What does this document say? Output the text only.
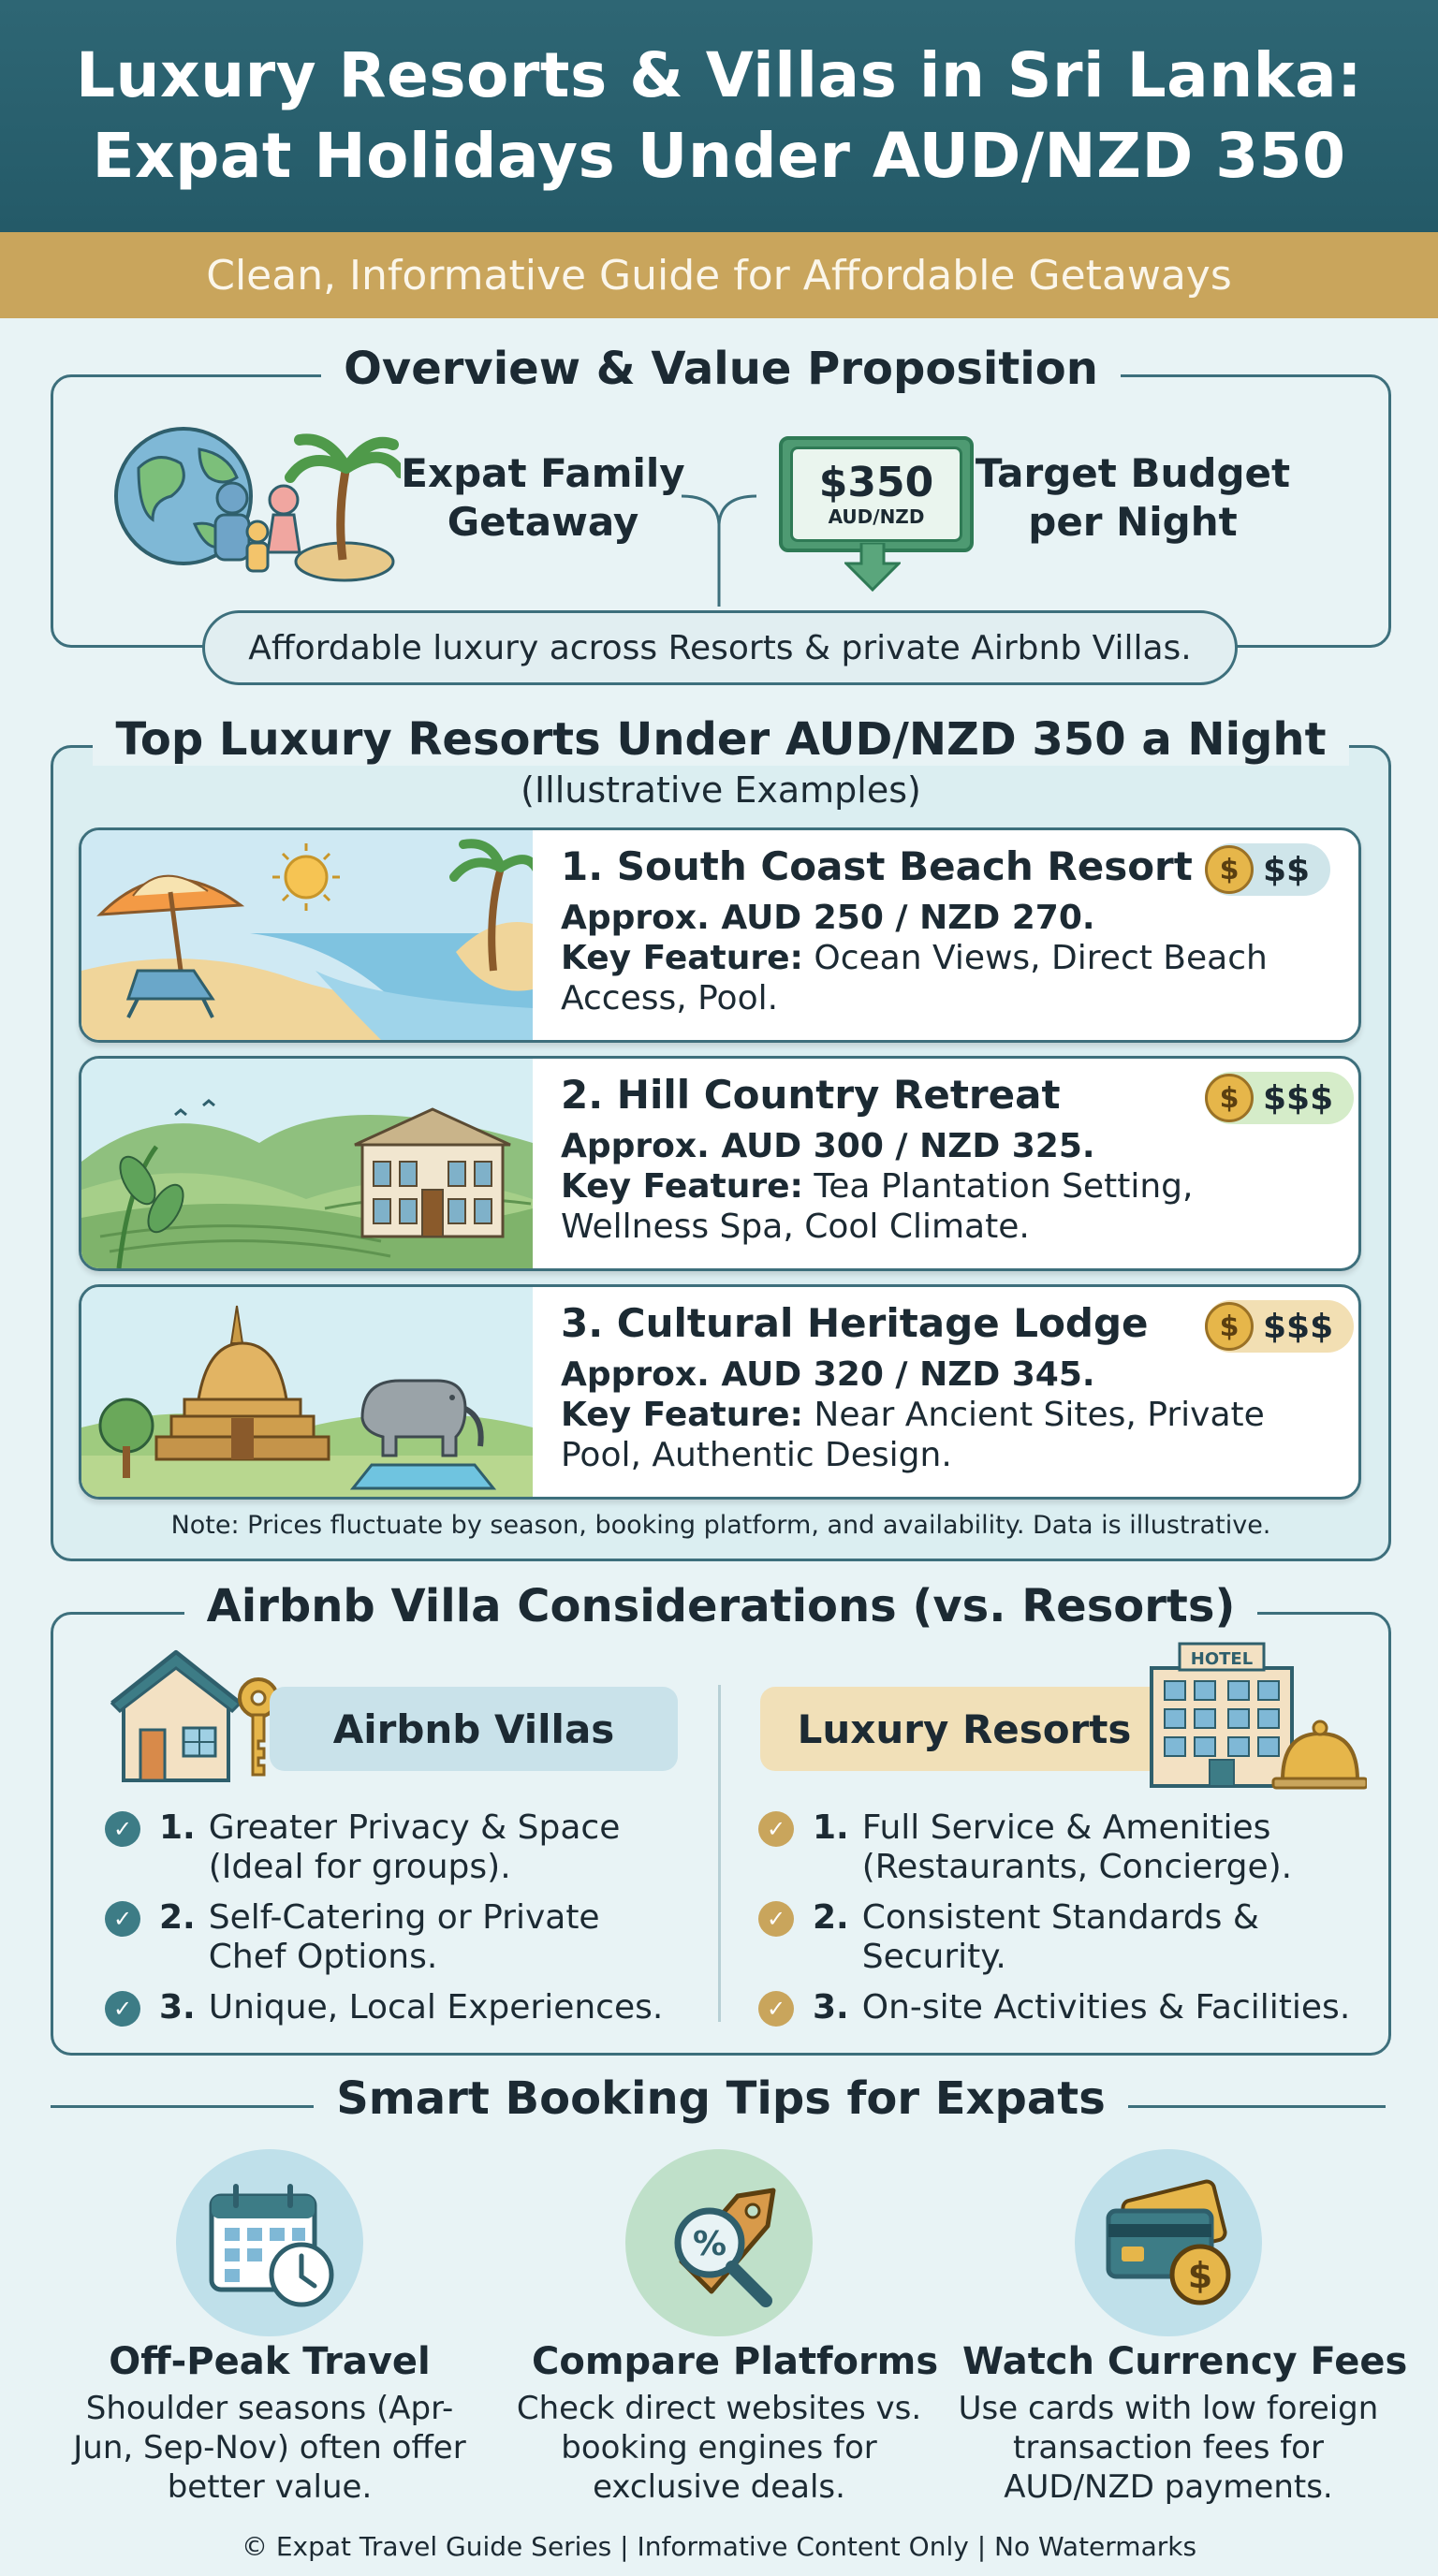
Luxury Resorts & Villas in Sri Lanka:
Expat Holidays Under AUD/NZD 350
Clean, Informative Guide for Affordable Getaways
Overview & Value Proposition
Expat Family
Getaway
$350
AUD/NZD
Target Budget
per Night
Affordable luxury across Resorts & private Airbnb Villas.
Top Luxury Resorts Under AUD/NZD 350 a Night
(Illustrative Examples)
1. South Coast Beach Resort $ $$
Approx. AUD 250 / NZD 270.
Key Feature: Ocean Views, Direct Beach
Access, Pool.
2. Hill Country Retreat	$ $$$
Approx. AUD 300 / NZD 325.
Key Feature: Tea Plantation Setting,
Wellness Spa, Cool Climate.
3. Cultural Heritage Lodge	$ $$$
Approx. AUD 320 / NZD 345.
Key Feature: Near Ancient Sites, Private
Pool, Authentic Design.
Note: Prices fluctuate by season, booking platform, and availability. Data is illustrative.
Airbnb Villa Considerations (vs. Resorts)
Airbnb Villas
✓ 1. Greater Privacy & Space
(Ideal for groups).
✓ 2. Self-Catering or Private
Chef Options.
✓ 3. Unique, Local Experiences.
Luxury Resorts
HOTEL
✓ 1. Full Service & Amenities
(Restaurants, Concierge).
✓ 2. Consistent Standards &
Security.
✓ 3. On-site Activities & Facilities.
Smart Booking Tips for Expats
Off-Peak Travel
Shoulder seasons (Apr-
Jun, Sep-Nov) often offer
better value.
%
Compare Platforms
Check direct websites vs.
booking engines for
exclusive deals.
$
Watch Currency Fees
Use cards with low foreign
transaction fees for
AUD/NZD payments.
© Expat Travel Guide Series | Informative Content Only | No Watermarks
